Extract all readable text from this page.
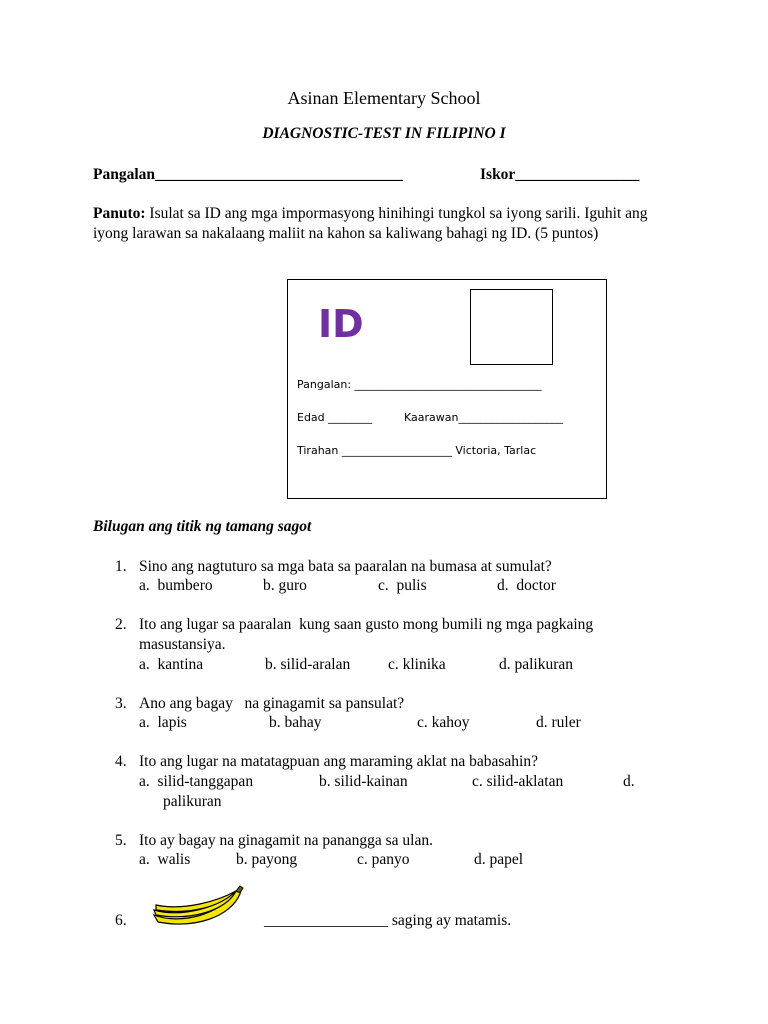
Asinan Elementary School
DIAGNOSTIC-TEST IN FILIPINO I
Pangalan________________________________	Iskor________________
Panuto: Isulat sa ID ang mga impormasyong hinihingi tungkol sa iyong sarili. Iguhit ang iyong larawan sa nakalaang maliit na kahon sa kaliwang bahagi ng ID. (5 puntos)
ID
Pangalan: __________________________________
Edad ________	Kaarawan___________________
Tirahan ____________________ Victoria, Tarlac
Bilugan ang titik ng tamang sagot
1. Sino ang nagtuturo sa mga bata sa paaralan na bumasa at sumulat?
a.  bumbero	b. guro	c.  pulis	d.  doctor
2. Ito ang lugar sa paaralan  kung saan gusto mong bumili ng mga pagkaing
masustansiya.
a.  kantina	b. silid-aralan c. klinika	d. palikuran
3. Ano ang bagay   na ginagamit sa pansulat?
a.  lapis	b. bahay	c. kahoy	d. ruler
4. Ito ang lugar na matatagpuan ang maraming aklat na babasahin?
a.  silid-tanggapan	b. silid-kainan	c. silid-aklatan	d.
palikuran
5. Ito ay bagay na ginagamit na panangga sa ulan.
a.  walis	b. payong	c. panyo	d. papel
6.	________________ saging ay matamis.
